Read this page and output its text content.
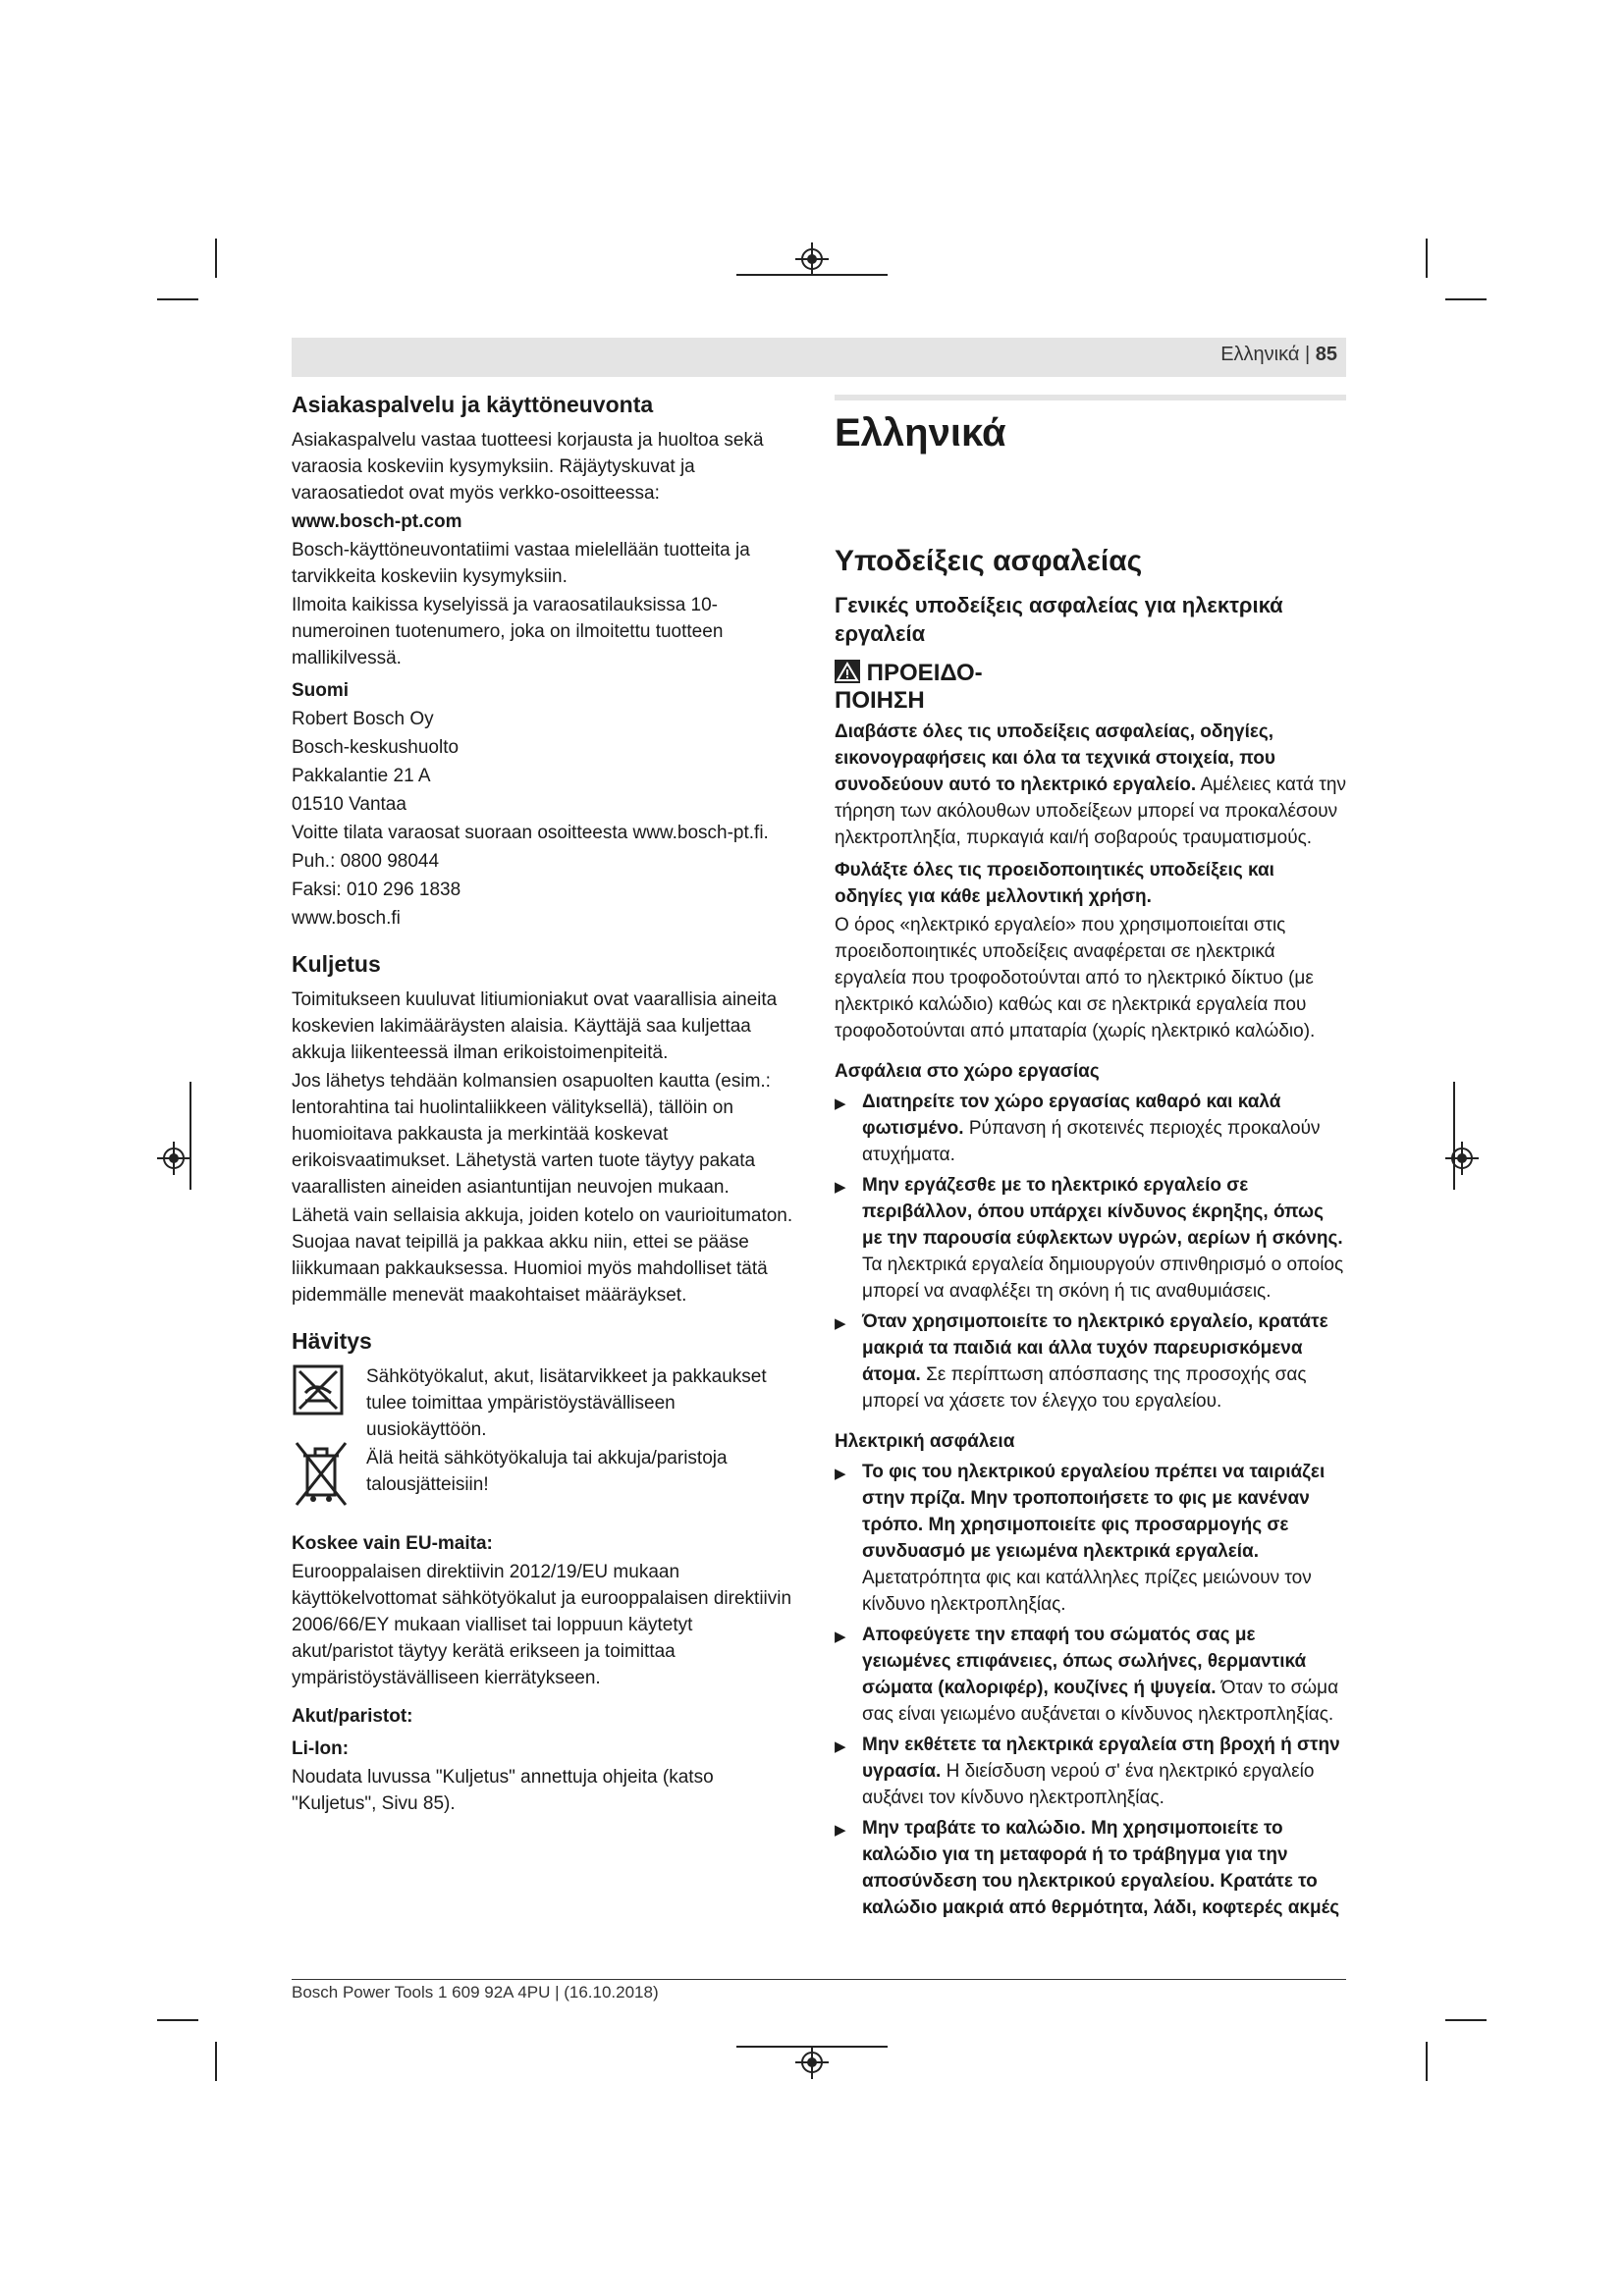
Ελληνικά | 85
Asiakaspalvelu ja käyttöneuvonta

Asiakaspalvelu vastaa tuotteesi korjausta ja huoltoa sekä varaosia koskeviin kysymyksiin. Räjäytyskuvat ja varaosatiedot ovat myös verkko-osoitteessa:

www.bosch-pt.com

Bosch-käyttöneuvontatiimi vastaa mielellään tuotteita ja tarvikkeita koskeviin kysymyksiin.

Ilmoita kaikissa kyselyissä ja varaosatilauksissa 10-numeroinen tuotenumero, joka on ilmoitettu tuotteen mallikilvessä.

Suomi

Robert Bosch Oy

Bosch-keskushuolto

Pakkalantie 21 A

01510 Vantaa

Voitte tilata varaosat suoraan osoitteesta www.bosch-pt.fi.

Puh.: 0800 98044

Faksi: 010 296 1838

www.bosch.fi

Kuljetus

Toimitukseen kuuluvat litiumioniakut ovat vaarallisia aineita koskevien lakimääräysten alaisia. Käyttäjä saa kuljettaa akkuja liikenteessä ilman erikoistoimenpiteitä.

Jos lähetys tehdään kolmansien osapuolten kautta (esim.: lentorahtina tai huolintaliikkeen välityksellä), tällöin on huomioitava pakkausta ja merkintää koskevat erikoisvaatimukset. Lähetystä varten tuote täytyy pakata vaarallisten aineiden asiantuntijan neuvojen mukaan.

Lähetä vain sellaisia akkuja, joiden kotelo on vaurioitumaton. Suojaa navat teipillä ja pakkaa akku niin, ettei se pääse liikkumaan pakkauksessa. Huomioi myös mahdolliset tätä pidemmälle menevät maakohtaiset määräykset.

Hävitys

Sähkötyökalut, akut, lisätarvikkeet ja pakkaukset tulee toimittaa ympäristöystävälliseen uusiokäyttöön.

Älä heitä sähkötyökaluja tai akkuja/paristoja talousjätteisiin!

Koskee vain EU-maita:

Eurooppalaisen direktiivin 2012/19/EU mukaan käyttökelvottomat sähkötyökalut ja eurooppalaisen direktiivin 2006/66/EY mukaan vialliset tai loppuun käytetyt akut/paristot täytyy kerätä erikseen ja toimittaa ympäristöystävälliseen kierrätykseen.

Akut/paristot:
Li-Ion:

Noudata luvussa "Kuljetus" annettuja ohjeita (katso "Kuljetus", Sivu 85).

Ελληνικά
Υποδείξεις ασφαλείας
Γενικές υποδείξεις ασφαλείας για ηλεκτρικά εργαλεία
ΠΡΟΕΙΔΟ-ΠΟΙΗΣΗ

Διαβάστε όλες τις υποδείξεις ασφαλείας, οδηγίες, εικονογραφήσεις και όλα τα τεχνικά στοιχεία, που συνοδεύουν αυτό το ηλεκτρικό εργαλείο. Αμέλειες κατά την τήρηση των ακόλουθων υποδείξεων μπορεί να προκαλέσουν ηλεκτροπληξία, πυρκαγιά και/ή σοβαρούς τραυματισμούς.

Φυλάξτε όλες τις προειδοποιητικές υποδείξεις και οδηγίες για κάθε μελλοντική χρήση.

Ο όρος «ηλεκτρικό εργαλείο» που χρησιμοποιείται στις προειδοποιητικές υποδείξεις αναφέρεται σε ηλεκτρικά εργαλεία που τροφοδοτούνται από το ηλεκτρικό δίκτυο (με ηλεκτρικό καλώδιο) καθώς και σε ηλεκτρικά εργαλεία που τροφοδοτούνται από μπαταρία (χωρίς ηλεκτρικό καλώδιο).

Ασφάλεια στο χώρο εργασίας
▶ Διατηρείτε τον χώρο εργασίας καθαρό και καλά φωτισμένο. Ρύπανση ή σκοτεινές περιοχές προκαλούν ατυχήματα.
▶ Μην εργάζεσθε με το ηλεκτρικό εργαλείο σε περιβάλλον, όπου υπάρχει κίνδυνος έκρηξης, όπως με την παρουσία εύφλεκτων υγρών, αερίων ή σκόνης. Τα ηλεκτρικά εργαλεία δημιουργούν σπινθηρισμό ο οποίος μπορεί να αναφλέξει τη σκόνη ή τις αναθυμιάσεις.
▶ Όταν χρησιμοποιείτε το ηλεκτρικό εργαλείο, κρατάτε μακριά τα παιδιά και άλλα τυχόν παρευρισκόμενα άτομα. Σε περίπτωση απόσπασης της προσοχής σας μπορεί να χάσετε τον έλεγχο του εργαλείου.
Ηλεκτρική ασφάλεια
▶ Το φις του ηλεκτρικού εργαλείου πρέπει να ταιριάζει στην πρίζα. Μην τροποποιήσετε το φις με κανέναν τρόπο. Μη χρησιμοποιείτε φις προσαρμογής σε συνδυασμό με γειωμένα ηλεκτρικά εργαλεία. Αμετατρόπητα φις και κατάλληλες πρίζες μειώνουν τον κίνδυνο ηλεκτροπληξίας.
▶ Αποφεύγετε την επαφή του σώματός σας με γειωμένες επιφάνειες, όπως σωλήνες, θερμαντικά σώματα (καλοριφέρ), κουζίνες ή ψυγεία. Όταν το σώμα σας είναι γειωμένο αυξάνεται ο κίνδυνος ηλεκτροπληξίας.
▶ Μην εκθέτετε τα ηλεκτρικά εργαλεία στη βροχή ή στην υγρασία. Η διείσδυση νερού σ' ένα ηλεκτρικό εργαλείο αυξάνει τον κίνδυνο ηλεκτροπληξίας.
▶ Μην τραβάτε το καλώδιο. Μη χρησιμοποιείτε το καλώδιο για τη μεταφορά ή το τράβηγμα για την αποσύνδεση του ηλεκτρικού εργαλείου. Κρατάτε το καλώδιο μακριά από θερμότητα, λάδι, κοφτερές ακμές
Bosch Power Tools 1 609 92A 4PU | (16.10.2018)
